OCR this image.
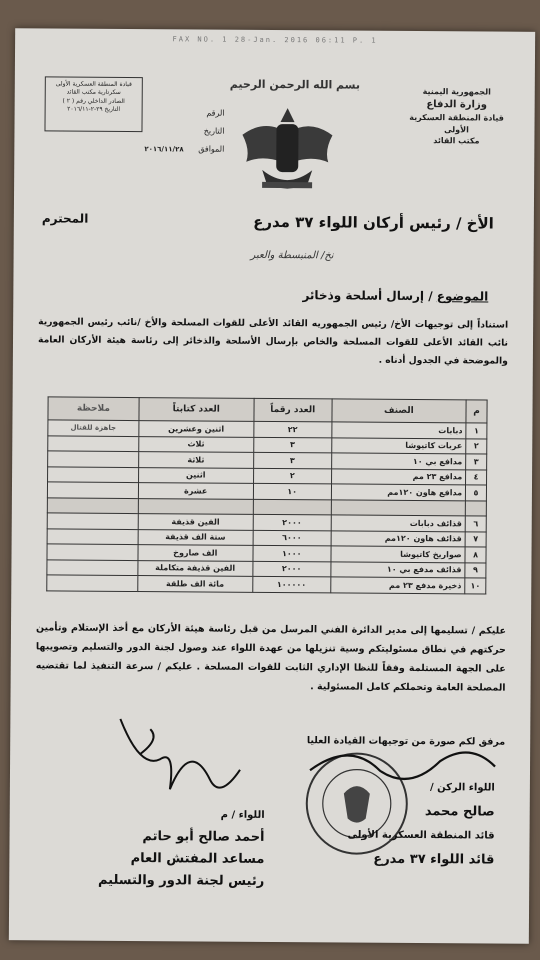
FAX NO. 1 28-Jan. 2016 06:11 P. 1
الجمهورية اليمنية
وزارة الدفاع
قيادة المنطقة العسكرية الأولى
مكتب القائد
بسم الله الرحمن الرحيم
قيادة المنطقة العسكرية الأولى
سكرتارية مكتب القائد
الصادر الداخلي رقم ( ٢ )
التاريخ ٢٩-٢-٢٠١٦/١١	الرقم
التاريخ
الموافق
٢٠١٦/١١/٢٨
الأخ / رئيس أركان اللواء ٣٧ مدرع
المحترم
نخ/ المنبسطة والعبر
الموضوع / إرسال أسلحة وذخائر
استناداً إلى توجيهات الأخ/ رئيس الجمهوريه القائد الأعلى للقوات المسلحة والأخ /نائب رئيس الجمهورية نائب القائد الأعلى للقوات المسلحة والخاص بإرسال الأسلحة والذخائر إلى رئاسة هيئة الأركان العامة والموضحة في الجدول أدناه .
م	الصنف	العدد رقماً	العدد كتابتاً	ملاحظة
١	دبابات	٢٢	اثنين وعشرين	جاهزة للقتال
٢	عربات كاتيوشا	٣	ثلاث	
٣	مدافع بي ١٠	٣	ثلاثة	
٤	مدافع ٢٣ مم	٢	اثنين	
٥	مدافع هاون ١٢٠مم	١٠	عشرة	

٦	قذائف دبابات	٢٠٠٠	الفين قذيفة	
٧	قذائف هاون ١٢٠مم	٦٠٠٠	ستة الف قذيفة	
٨	صواريخ كاتيوشا	١٠٠٠	الف صاروخ	
٩	قذائف مدفع بي ١٠	٢٠٠٠	الفين قذيفة متكاملة	
١٠	ذخيرة مدفع ٢٣ مم	١٠٠٠٠٠	مائة الف طلقة	
عليكم / تسليمها إلى مدير الدائرة الفني المرسل من قبل رئاسة هيئة الأركان مع أخذ الإستلام وتأمين حركتهم في نطاق مسئوليتكم وسية تنزيلها من عهدة اللواء عند وصول لجنة الدور والتسليم وتصويبها على الجهة المستلمة وفقاً للنظا الإداري الثابت للقوات المسلحة . عليكم / سرعة التنفيذ لما تقتضيه المصلحة العامة وتحملكم كامل المسئولية .
مرفق لكم صورة من توجيهات القيادة العليا
اللواء الركن /
صالح محمد
قائد المنطقة العسكرية الأولى
قائد اللواء ٣٧ مدرع
اللواء / م
أحمد صالح أبو حاتم
مساعد المفتش العام
رئيس لجنة الدور والتسليم
